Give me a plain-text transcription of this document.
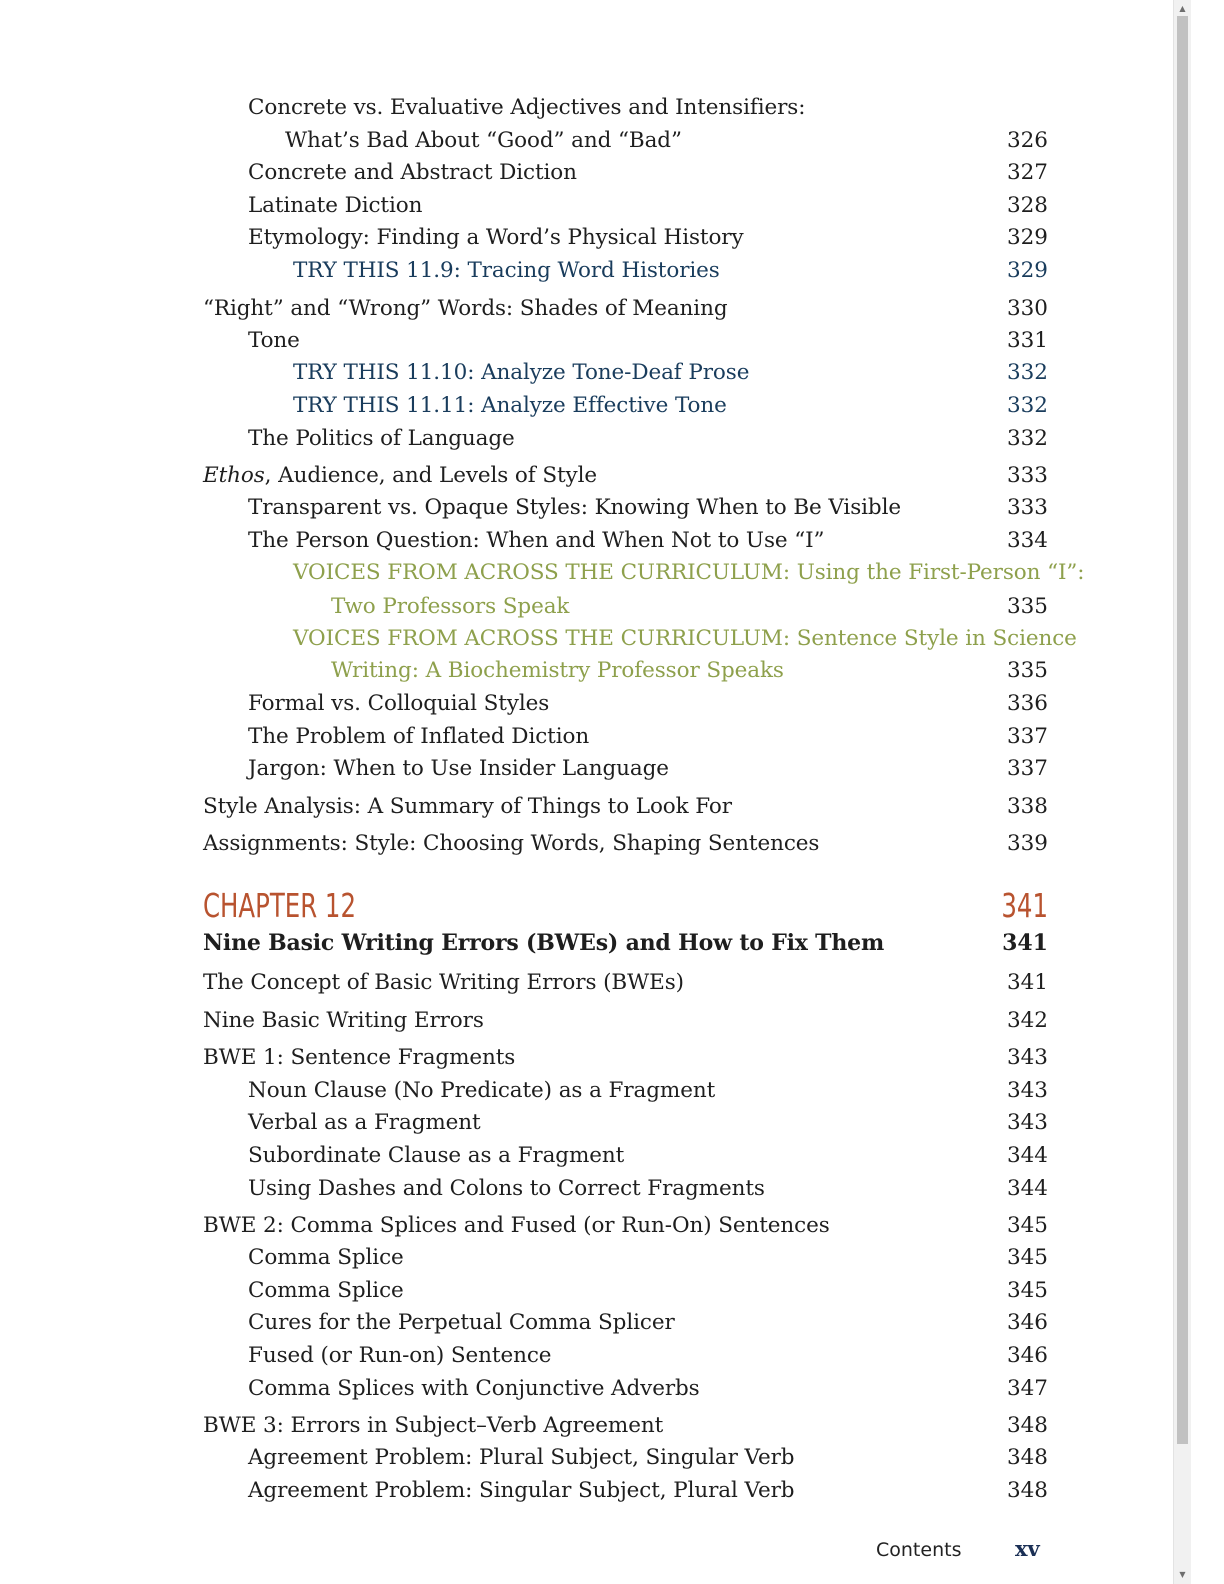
Concrete vs. Evaluative Adjectives and Intensifiers:
What’s Bad About “Good” and “Bad”	326
Concrete and Abstract Diction	327
Latinate Diction	328
Etymology: Finding a Word’s Physical History	329
TRY THIS 11.9: Tracing Word Histories	329
“Right” and “Wrong” Words: Shades of Meaning	330
Tone	331
TRY THIS 11.10: Analyze Tone-Deaf Prose	332
TRY THIS 11.11: Analyze Effective Tone	332
The Politics of Language	332
Ethos, Audience, and Levels of Style	333
Transparent vs. Opaque Styles: Knowing When to Be Visible	333
The Person Question: When and When Not to Use “I”	334
VOICES FROM ACROSS THE CURRICULUM: Using the First-Person “I”:
Two Professors Speak	335
VOICES FROM ACROSS THE CURRICULUM: Sentence Style in Science
Writing: A Biochemistry Professor Speaks	335
Formal vs. Colloquial Styles	336
The Problem of Inflated Diction	337
Jargon: When to Use Insider Language	337
Style Analysis: A Summary of Things to Look For	338
Assignments: Style: Choosing Words, Shaping Sentences	339
CHAPTER 12	341
Nine Basic Writing Errors (BWEs) and How to Fix Them	341
The Concept of Basic Writing Errors (BWEs)	341
Nine Basic Writing Errors	342
BWE 1: Sentence Fragments	343
Noun Clause (No Predicate) as a Fragment	343
Verbal as a Fragment	343
Subordinate Clause as a Fragment	344
Using Dashes and Colons to Correct Fragments	344
BWE 2: Comma Splices and Fused (or Run-On) Sentences	345
Comma Splice	345
Comma Splice	345
Cures for the Perpetual Comma Splicer	346
Fused (or Run-on) Sentence	346
Comma Splices with Conjunctive Adverbs	347
BWE 3: Errors in Subject–Verb Agreement	348
Agreement Problem: Plural Subject, Singular Verb	348
Agreement Problem: Singular Subject, Plural Verb	348
Contents	xv
▲
▼
